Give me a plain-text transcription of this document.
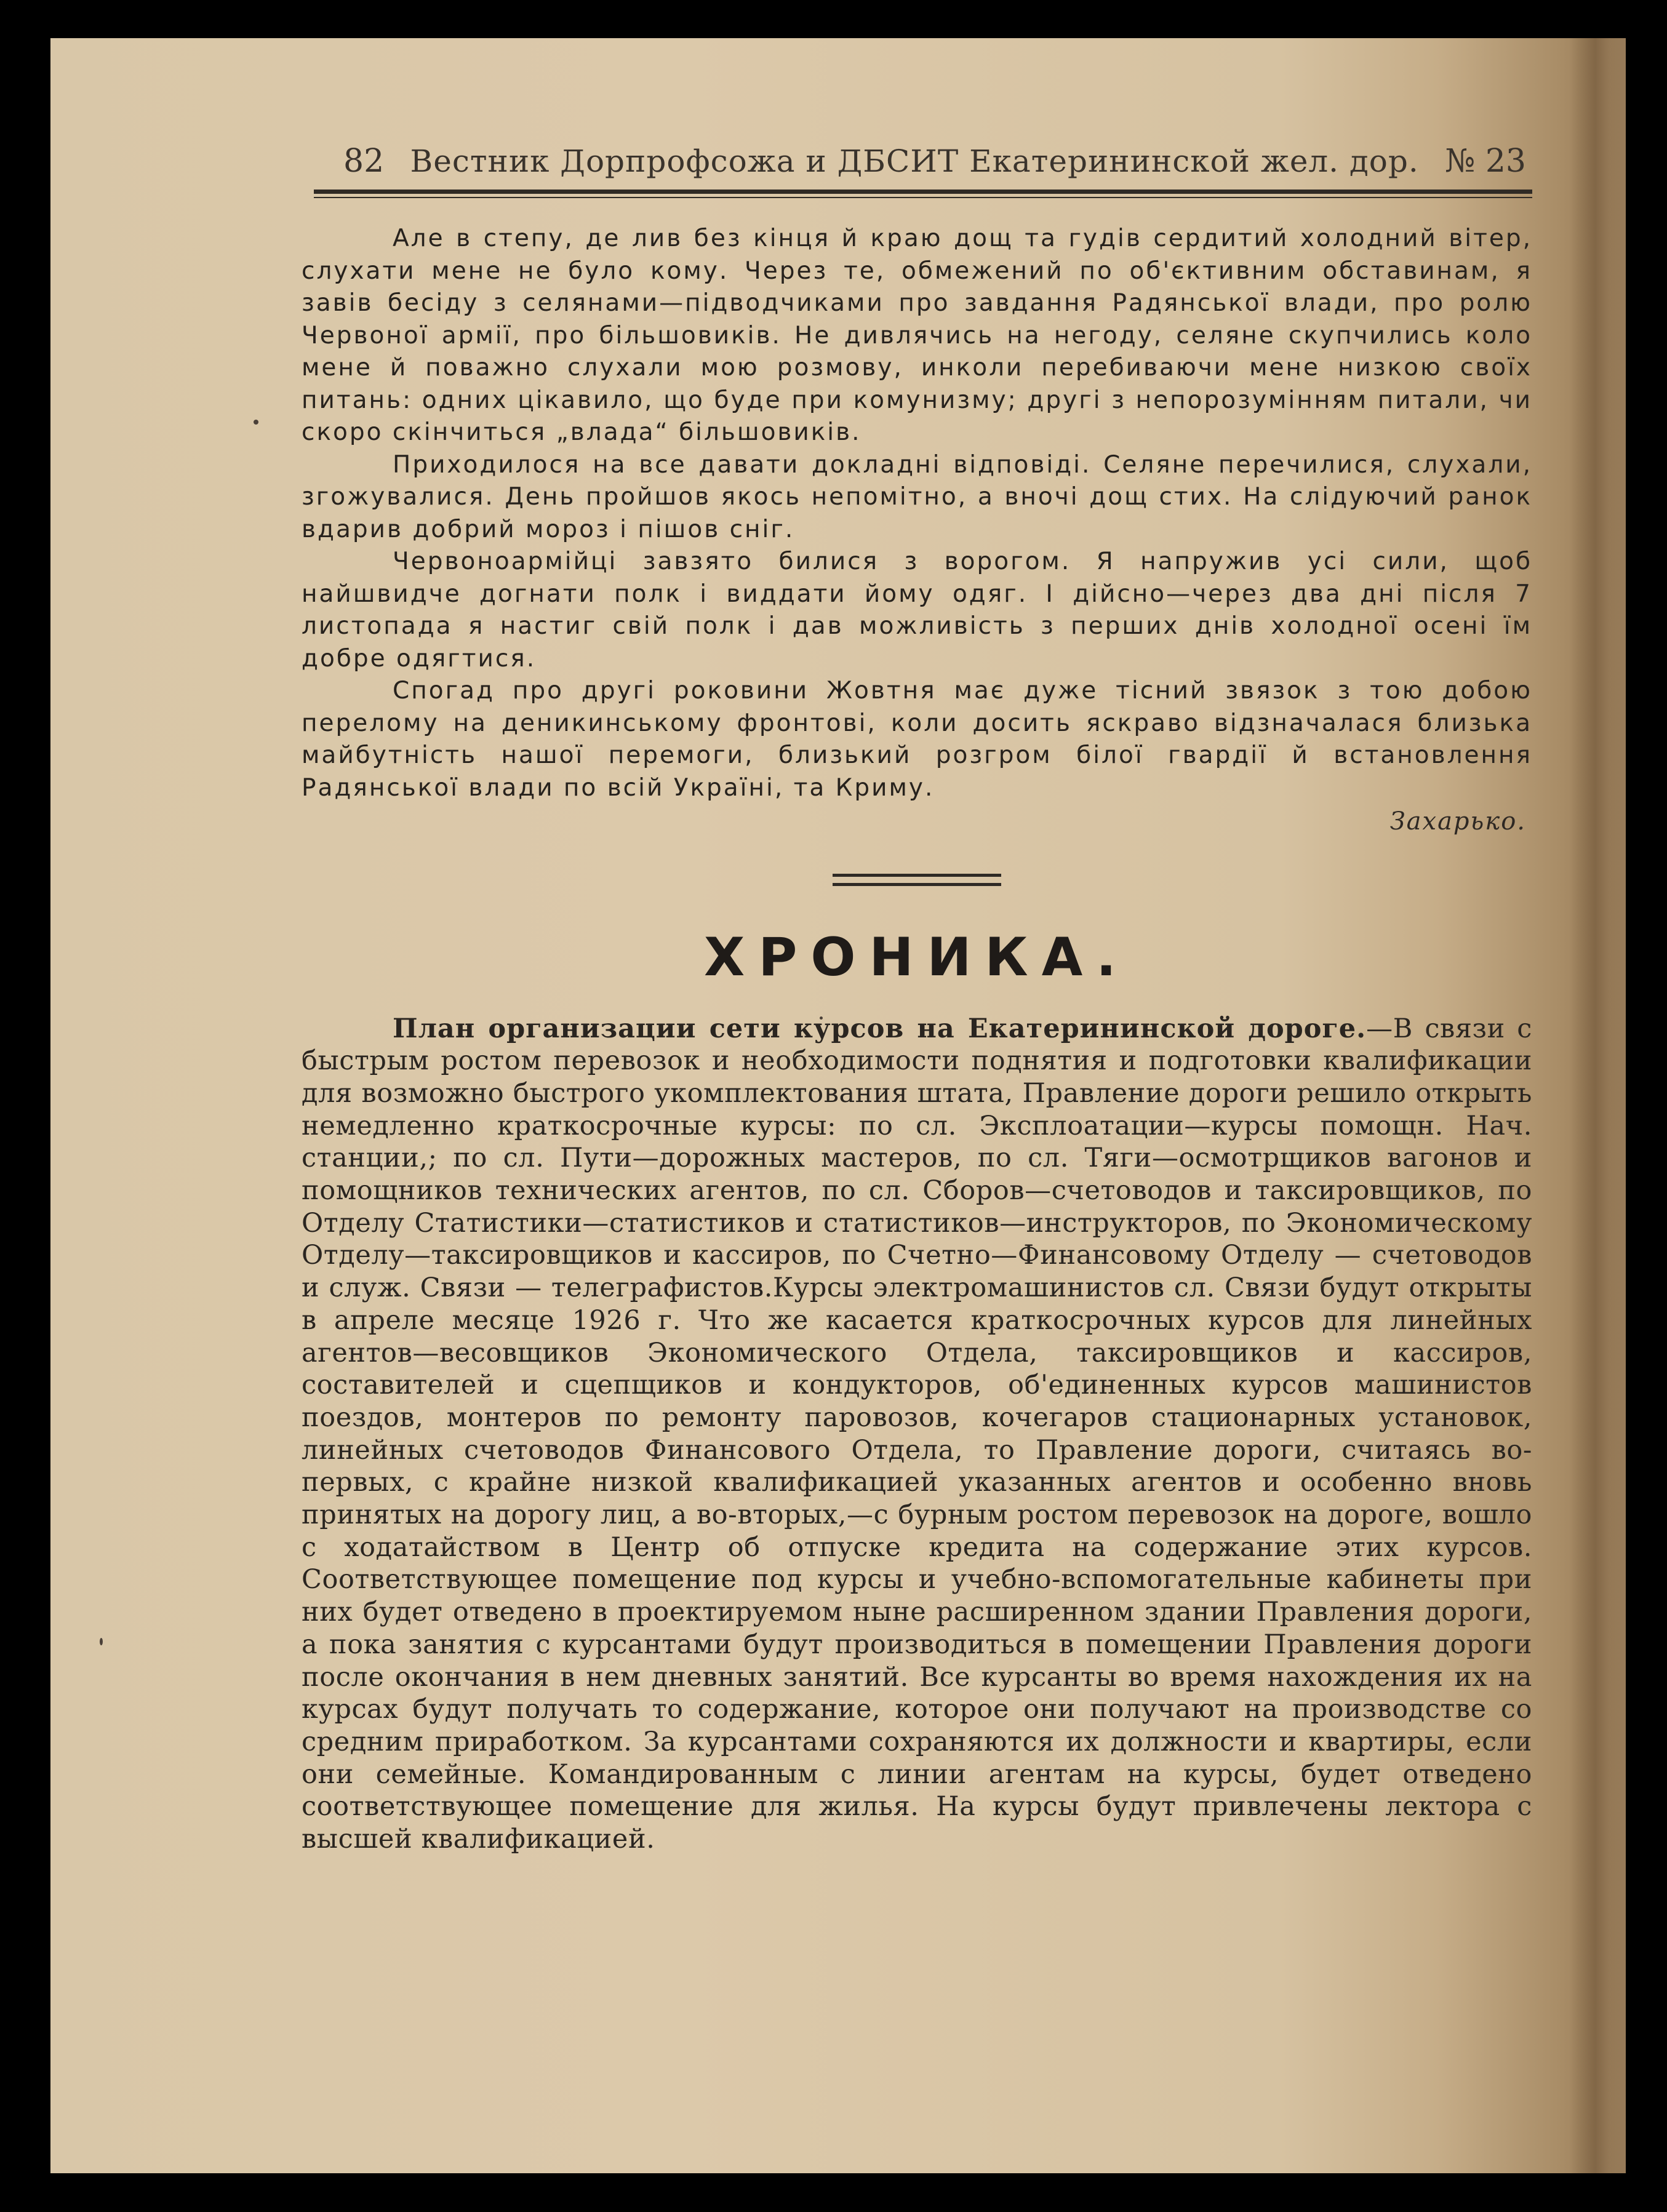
82 Вестник Дорпрофсожа и ДБСИТ Екатерининской жел. дор. № 23

Але в степу, де лив без кінця й краю дощ та гудів сердитий холодний вітер, слухати мене не було кому. Через те, обмежений по об'єктивним обставинам, я завів бесіду з селянами—підводчиками про завдання Радянської влади, про ролю Червоної армії, про більшовиків. Не дивлячись на негоду, селяне скупчились коло мене й поважно слухали мою розмову, инколи перебиваючи мене низкою своїх питань: одних цікавило, що буде при комунизму; другі з непорозумінням питали, чи скоро скінчиться „влада“ більшовиків.

Приходилося на все давати докладні відповіді. Селяне перечилися, слухали, згожувалися. День пройшов якось непомітно, а вночі дощ стих. На слідуючий ранок вдарив добрий мороз і пішов сніг.

Червоноармійці завзято билися з ворогом. Я напружив усі сили, щоб найшвидче догнати полк і виддати йому одяг. І дійсно—через два дні після 7 листопада я настиг свій полк і дав можливість з перших днів холодної осені їм добре одягтися.

Спогад про другі роковини Жовтня має дуже тісний звязок з тою добою перелому на деникинському фронтові, коли досить яскраво відзначалася близька майбутність нашої перемоги, близький розгром білої гвардії й встановлення Радянської влади по всій Україні, та Криму.

Захарько.
ХРОНИКА.

План организации сети курсов на Екатерининской дороге.—В связи с быстрым ростом перевозок и необходимости поднятия и подготовки квалификации для возможно быстрого укомплектования штата, Правление дороги решило открыть немедленно краткосрочные курсы: по сл. Эксплоатации—курсы помощн. Нач. станции,; по сл. Пути—дорожных мастеров, по сл. Тяги—осмотрщиков вагонов и помощников технических агентов, по сл. Сборов—счетоводов и таксировщиков, по Отделу Статистики—статистиков и статистиков—инструкторов, по Экономическому Отделу—таксировщиков и кассиров, по Счетно—Финансовому Отделу — счетоводов и служ. Связи — телеграфистов.Курсы электромашинистов сл. Связи будут открыты в апреле месяце 1926 г. Что же касается краткосрочных курсов для линейных агентов—весовщиков Экономического Отдела, таксировщиков и кассиров, составителей и сцепщиков и кондукторов, об'единенных курсов машинистов поездов, монтеров по ремонту паровозов, кочегаров стационарных установок, линейных счетоводов Финансового Отдела, то Правление дороги, считаясь во-первых, с крайне низкой квалификацией указанных агентов и особенно вновь принятых на дорогу лиц, а во-вторых,—с бурным ростом перевозок на дороге, вошло с ходатайством в Центр об отпуске кредита на содержание этих курсов. Соответствующее помещение под курсы и учебно-вспомогательные кабинеты при них будет отведено в проектируемом ныне расширенном здании Правления дороги, а пока занятия с курсантами будут производиться в помещении Правления дороги после окончания в нем дневных занятий. Все курсанты во время нахождения их на курсах будут получать то содержание, которое они получают на производстве со средним приработком. За курсантами сохраняются их должности и квартиры, если они семейные. Командированным с линии агентам на курсы, будет отведено соответствующее помещение для жилья. На курсы будут привлечены лектора с высшей квалификацией.
